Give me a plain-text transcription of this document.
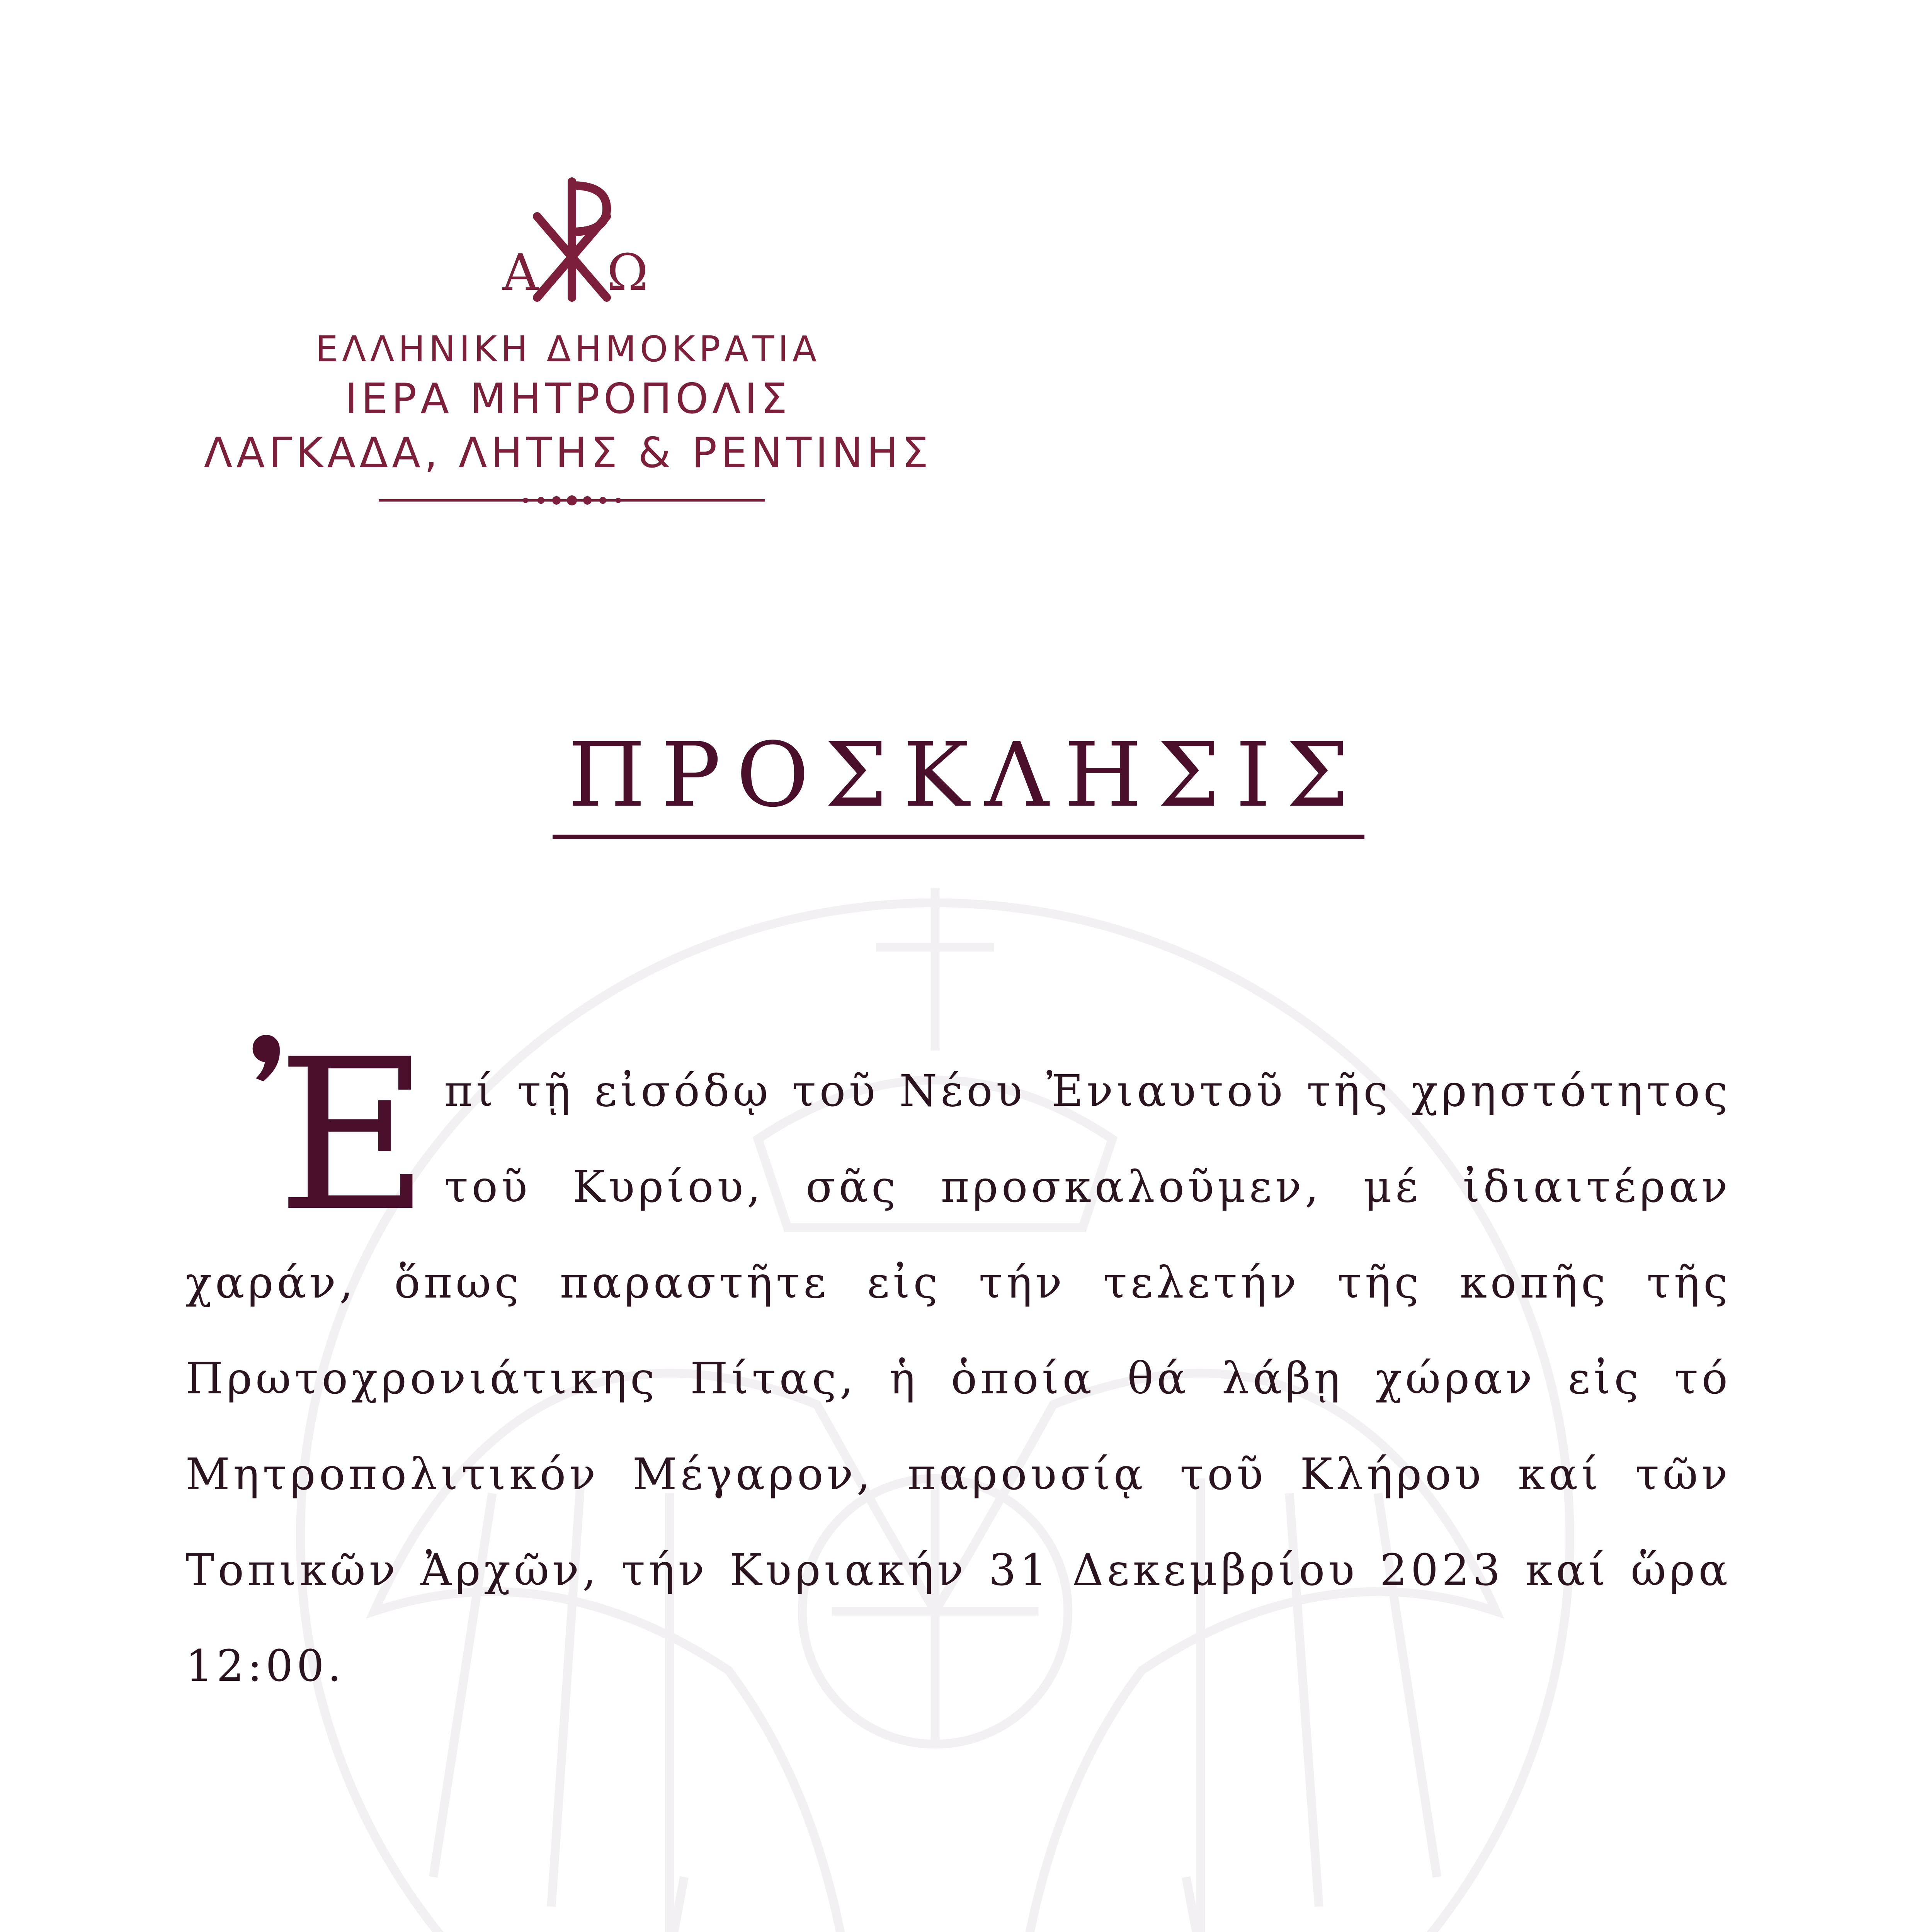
Α Ω
ΕΛΛΗΝΙΚΗ ΔΗΜΟΚΡΑΤΙΑ
ΙΕΡΑ ΜΗΤΡΟΠΟΛΙΣ
ΛΑΓΚΑΔΑ, ΛΗΤΗΣ & ΡΕΝΤΙΝΗΣ
ΠΡΟΣΚΛΗΣΙΣ
Ἐ πί τῇ εἰσόδῳ τοῦ Νέου Ἐνιαυτοῦ τῆς χρηστότητος τοῦ Κυρίου, σᾶς προσκαλοῦμεν, μέ ἰδιαιτέραν χαράν, ὅπως παραστῆτε εἰς τήν τελετήν τῆς κοπῆς τῆς Πρωτοχρονιάτικης Πίτας, ἡ ὁποία θά λάβῃ χώραν εἰς τό Μητροπολιτικόν Μέγαρον, παρουσίᾳ τοῦ Κλήρου καί τῶν Τοπικῶν Ἀρχῶν, τήν Κυριακήν 31 Δεκεμβρίου 2023 καί ὥρα 12:00.
